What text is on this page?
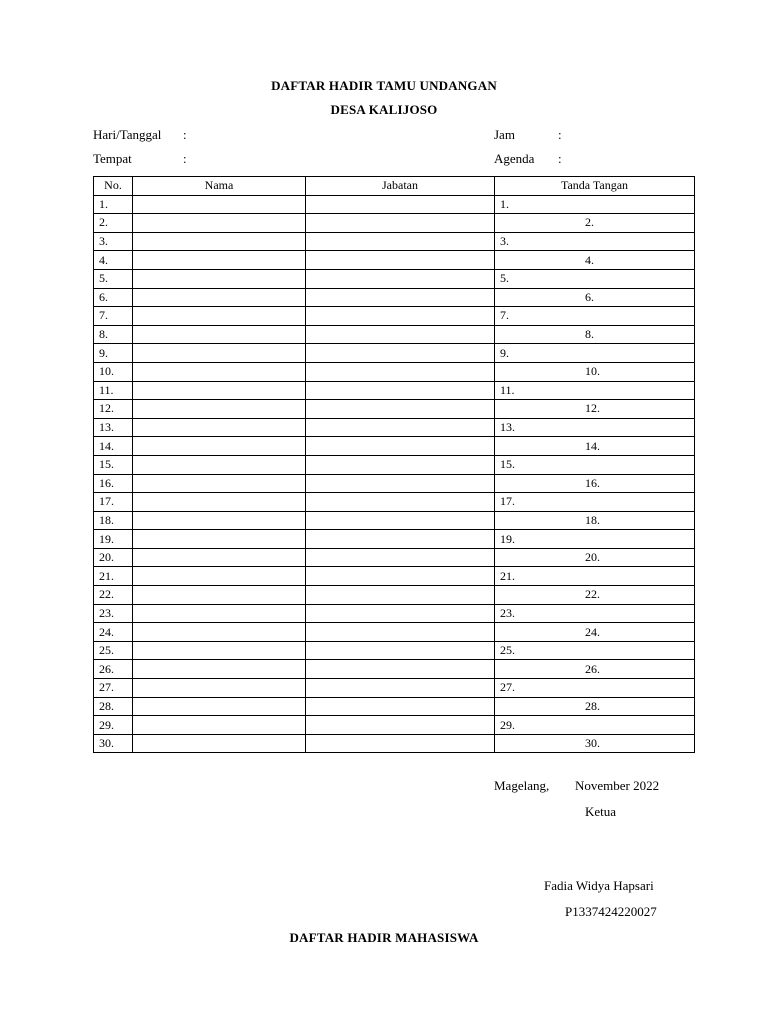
DAFTAR HADIR TAMU UNDANGAN
DESA KALIJOSO
Hari/Tanggal :	Jam	:
Tempat	:	Agenda :
No.	Nama	Jabatan	Tanda Tangan
1.			1.
2.			2.
3.			3.
4.			4.
5.			5.
6.			6.
7.			7.
8.			8.
9.			9.
10.			10.
11.			11.
12.			12.
13.			13.
14.			14.
15.			15.
16.			16.
17.			17.
18.			18.
19.			19.
20.			20.
21.			21.
22.			22.
23.			23.
24.			24.
25.			25.
26.			26.
27.			27.
28.			28.
29.			29.
30.			30.
Magelang, November 2022
Ketua
Fadia Widya Hapsari
P1337424220027
DAFTAR HADIR MAHASISWA
